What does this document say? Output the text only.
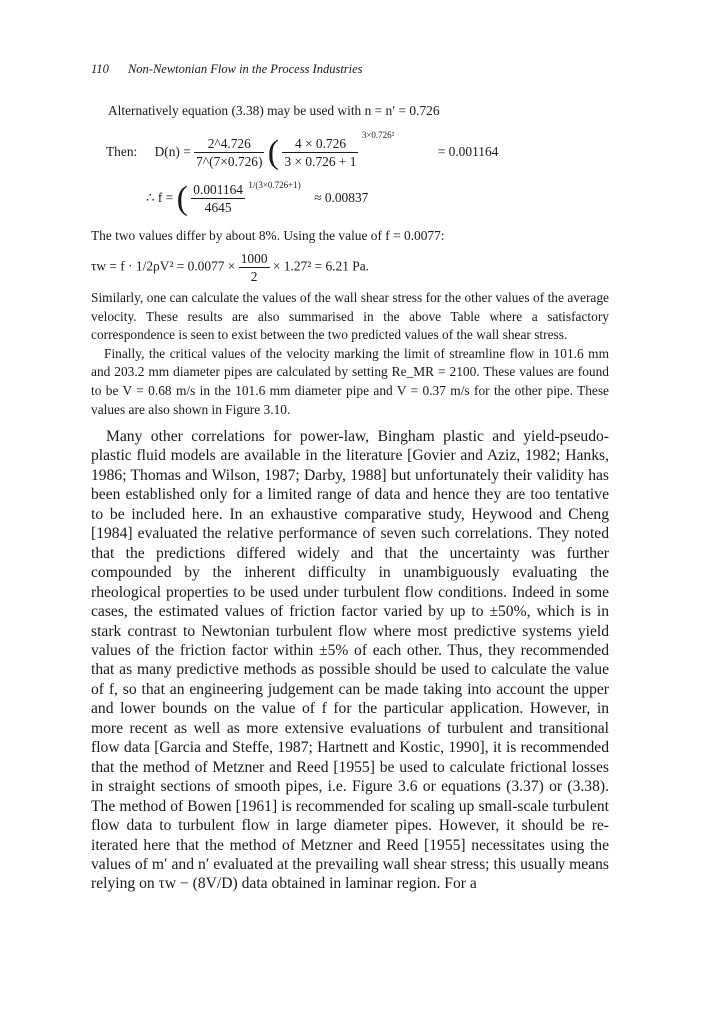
110 Non-Newtonian Flow in the Process Industries
Alternatively equation (3.38) may be used with n = n′ = 0.726
Then: $D(n) = \frac{2\^{}4.726}{7\^{}(7\times 0.726)}$ ( $\frac{4 \times 0.726}{3 \times 0.726 + 1}$
$^{3\times 0.726^2}$ = 0.001164
∴ f = ( $\frac{0.001164}{4645} ^{1/(3\times 0.726+1)} \approx 0.00837$
The two values differ by about 8%. Using the value of f = 0.0077:
$\tau w = f \cdot 1/2\rho V^2 = 0.0077 \times \frac{1000}{2} \times 1.27^2 = 6.21$ Pa.

Similarly, one can calculate the values of the wall shear stress for the other values of the average velocity. These results are also summarised in the above Table where a satisfactory correspondence is seen to exist between the two predicted values of the wall shear stress.

Finally, the critical values of the velocity marking the limit of streamline flow in 101.6 mm and 203.2 mm diameter pipes are calculated by setting Re_MR = 2100. These values are found to be V = 0.68 m/s in the 101.6 mm diameter pipe and V = 0.37 m/s for the other pipe. These values are also shown in Figure 3.10.

Many other correlations for power-law, Bingham plastic and yield-pseudo-plastic fluid models are available in the literature [Govier and Aziz, 1982; Hanks, 1986; Thomas and Wilson, 1987; Darby, 1988] but unfortunately their validity has been established only for a limited range of data and hence they are too tentative to be included here. In an exhaustive comparative study, Heywood and Cheng [1984] evaluated the relative performance of seven such correlations. They noted that the predictions differed widely and that the uncertainty was further compounded by the inherent difficulty in unambiguously evaluating the rheological properties to be used under turbulent flow conditions. Indeed in some cases, the estimated values of friction factor varied by up to ±50%, which is in stark contrast to Newtonian turbulent flow where most predictive systems yield values of the friction factor within ±5% of each other. Thus, they recommended that as many predictive methods as possible should be used to calculate the value of f, so that an engineering judgement can be made taking into account the upper and lower bounds on the value of f for the particular application. However, in more recent as well as more extensive evaluations of turbulent and transitional flow data [Garcia and Steffe, 1987; Hartnett and Kostic, 1990], it is recommended that the method of Metzner and Reed [1955] be used to calculate frictional losses in straight sections of smooth pipes, i.e. Figure 3.6 or equations (3.37) or (3.38). The method of Bowen [1961] is recommended for scaling up small-scale turbulent flow data to turbulent flow in large diameter pipes. However, it should be re-iterated here that the method of Metzner and Reed [1955] necessitates using the values of m′ and n′ evaluated at the prevailing wall shear stress; this usually means relying on τw − (8V/D) data obtained in laminar region. For a
